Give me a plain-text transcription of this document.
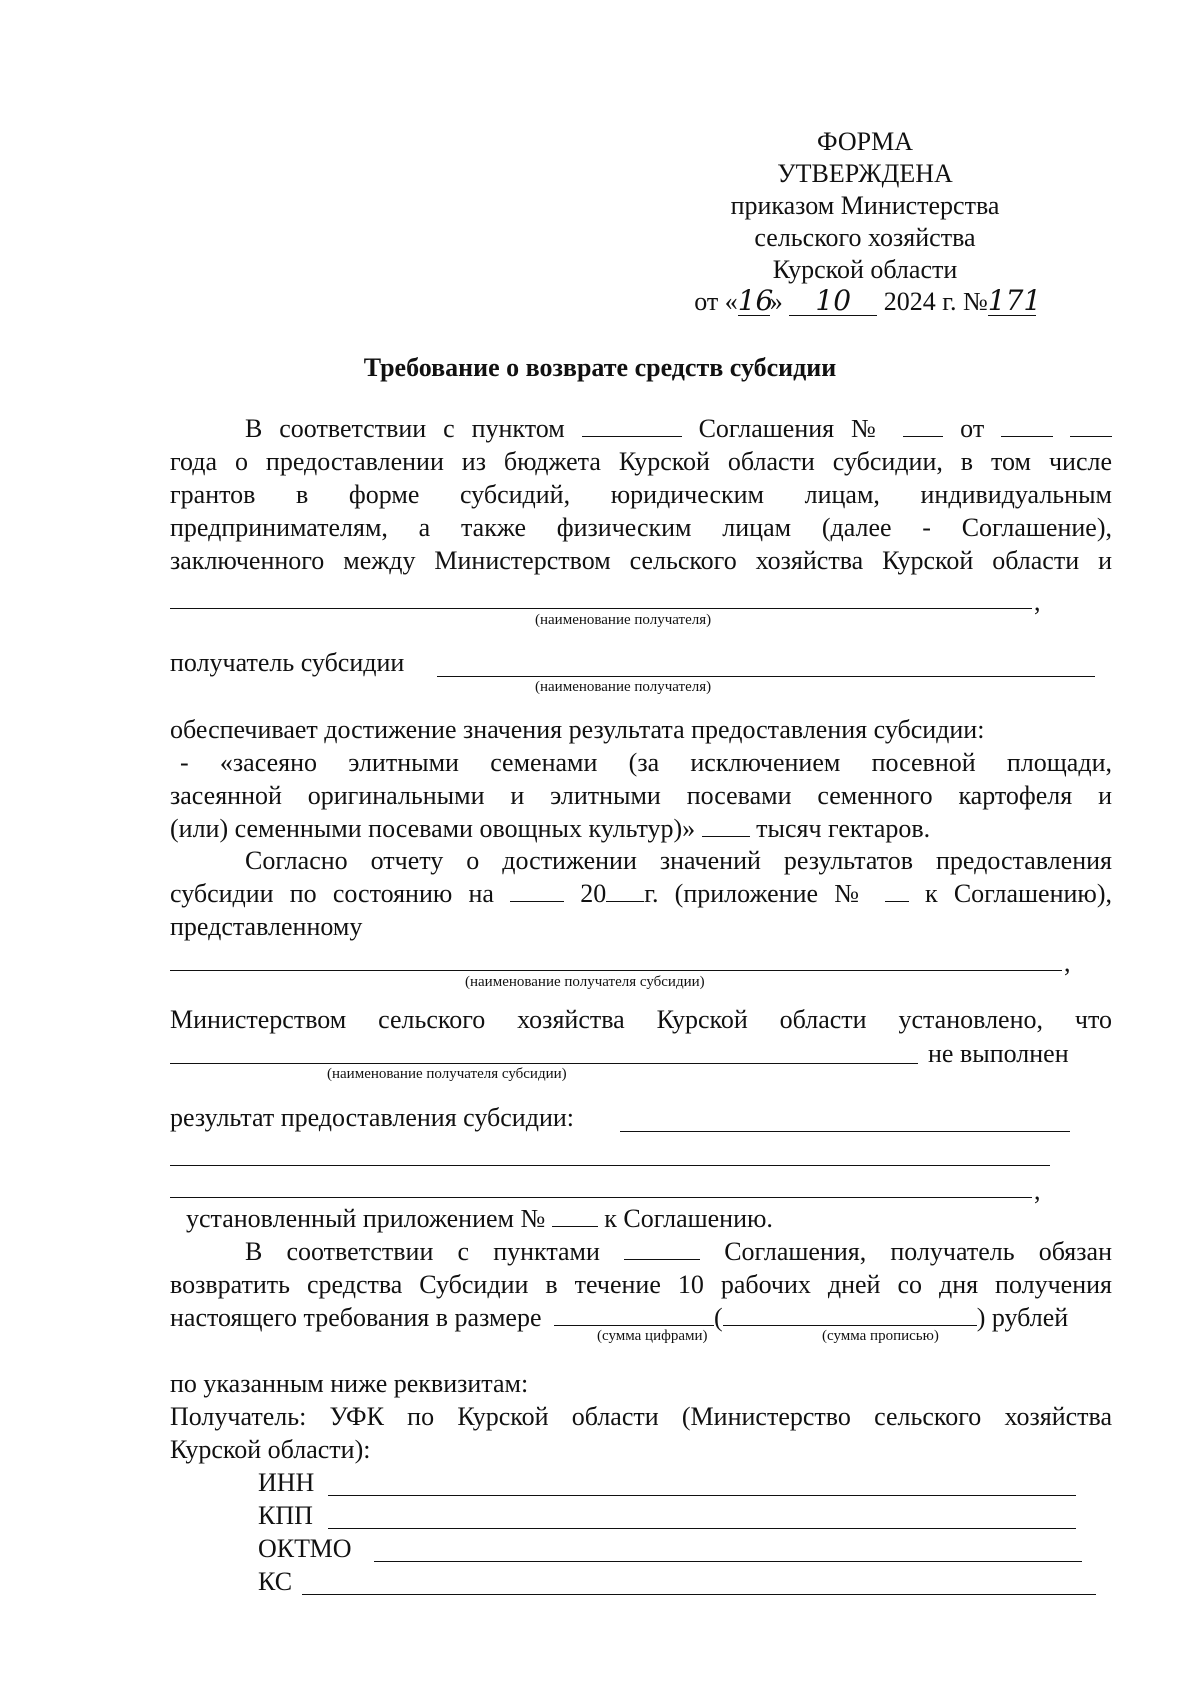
ФОРМА
УТВЕРЖДЕНА
приказом Министерства
сельского хозяйства
Курской области
от «16» 10 2024 г. №171
Требование о возврате средств субсидии
В соответствии с пунктом	Соглашения №	от
года о предоставлении из бюджета Курской области субсидии, в том числе
грантов в форме субсидий, юридическим лицам, индивидуальным
предпринимателям, а также физическим лицам (далее - Соглашение),
заключенного между Министерством сельского хозяйства Курской области и
,
(наименование получателя)
получатель субсидии
(наименование получателя)
обеспечивает достижение значения результата предоставления субсидии:
- «засеяно элитными семенами (за исключением посевной площади,
засеянной оригинальными и элитными посевами семенного картофеля и
(или) семенными посевами овощных культур)» тысяч гектаров.
Согласно отчету о достижении значений результатов предоставления
субсидии по состоянию на	20 г. (приложение № к Соглашению),
представленному
,
(наименование получателя субсидии)
Министерством сельского хозяйства Курской области установлено, что
не выполнен
(наименование получателя субсидии)
результат предоставления субсидии:
,
установленный приложением № к Соглашению.
В соответствии с пунктами	Соглашения, получатель обязан
возвратить средства Субсидии в течение 10 рабочих дней со дня получения
настоящего требования в размере	(	) рублей
(сумма цифрами)	(сумма прописью)
по указанным ниже реквизитам:
Получатель: УФК по Курской области (Министерство сельского хозяйства
Курской области):
ИНН
КПП
ОКТМО
КС
